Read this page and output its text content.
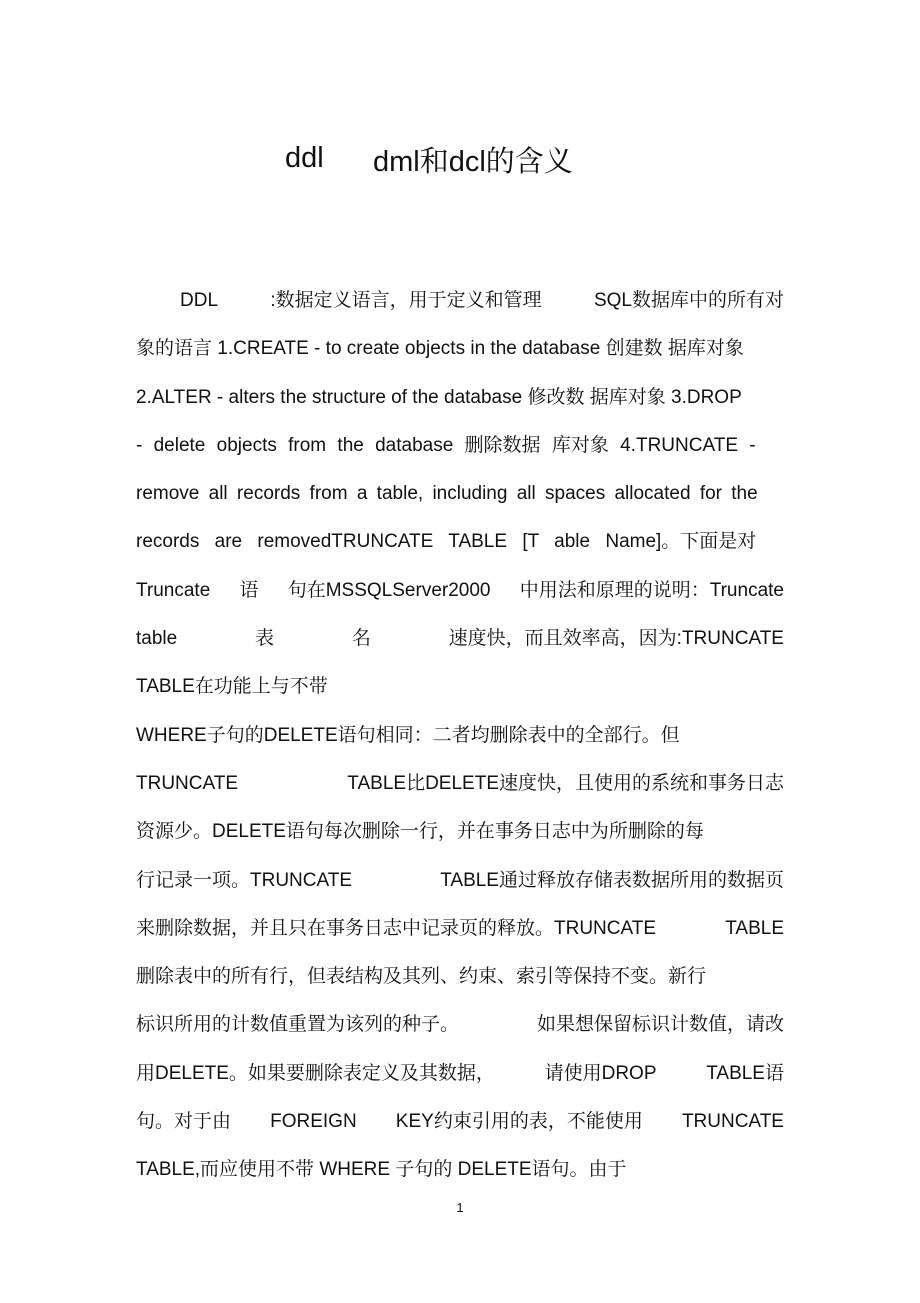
ddl dml和dcl的含义
DDL	:数据定义语言，用于定义和管理	SQL数据库中的所有对
象的语言 1.CREATE - to create objects in the database 创建数 据库对象
2.ALTER - alters the structure of the database 修改数 据库对象 3.DROP
- delete objects from the database 删除数据 库对象 4.TRUNCATE -
remove all records from a table, including all spaces allocated for the
records are removedTRUNCATE TABLE [T able Name]。下面是对
Truncate 语 句在MSSQLServer2000 中用法和原理的说明：Truncate
table	表	名	速度快，而且效率高，因为:TRUNCATE
TABLE在功能上与不带
WHERE子句的DELETE语句相同：二者均删除表中的全部行。但
TRUNCATE	TABLE比DELETE速度快，且使用的系统和事务日志
资源少。DELETE语句每次删除一行，并在事务日志中为所删除的每
行记录一项。TRUNCATE	TABLE通过释放存储表数据所用的数据页
来删除数据，并且只在事务日志中记录页的释放。TRUNCATE	TABLE
删除表中的所有行，但表结构及其列、约束、索引等保持不变。新行
标识所用的计数值重置为该列的种子。	如果想保留标识计数值，请改
用DELETE。如果要删除表定义及其数据，	请使用DROP	TABLE语
句。对于由 FOREIGN KEY约束引用的表，不能使用 TRUNCATE
TABLE,而应使用不带 WHERE 子句的 DELETE语句。由于
1
